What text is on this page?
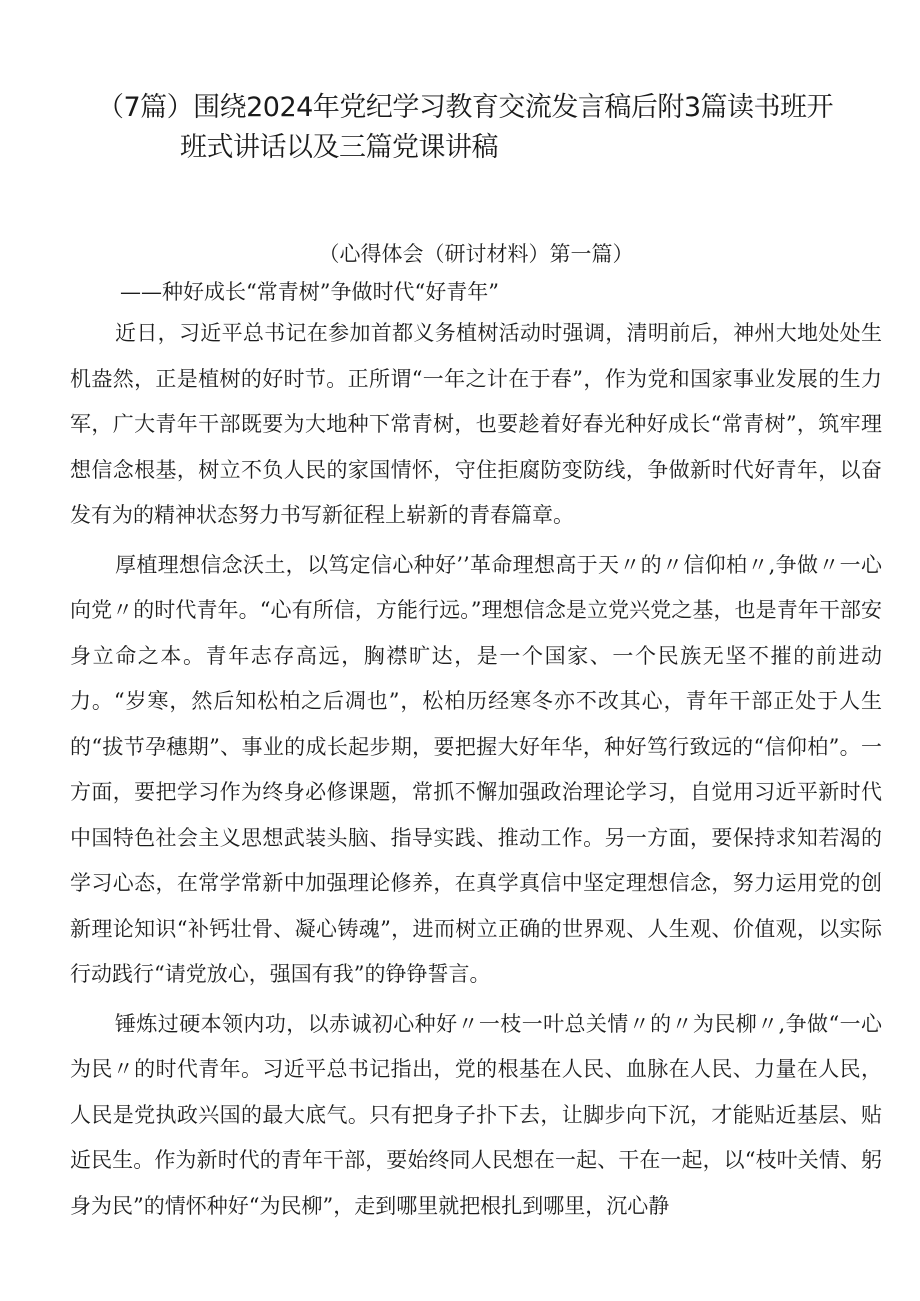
（7篇）围绕2024年党纪学习教育交流发言稿后附3篇读书班开
班式讲话以及三篇党课讲稿

（心得体会（研讨材料）第一篇）

——种好成长“常青树”争做时代“好青年”

近日，习近平总书记在参加首都义务植树活动时强调，清明前后，神州大地处处生机盎然，正是植树的好时节。正所谓“一年之计在于春”，作为党和国家事业发展的生力军，广大青年干部既要为大地种下常青树，也要趁着好春光种好成长“常青树”，筑牢理想信念根基，树立不负人民的家国情怀，守住拒腐防变防线，争做新时代好青年，以奋发有为的精神状态努力书写新征程上崭新的青春篇章。

厚植理想信念沃土，以笃定信心种好’’革命理想高于天〃的〃信仰柏〃,争做〃一心向党〃的时代青年。“心有所信，方能行远。”理想信念是立党兴党之基，也是青年干部安身立命之本。青年志存高远，胸襟旷达，是一个国家、一个民族无坚不摧的前进动力。“岁寒，然后知松柏之后凋也”，松柏历经寒冬亦不改其心，青年干部正处于人生的“拔节孕穗期”、事业的成长起步期，要把握大好年华，种好笃行致远的“信仰柏”。一方面，要把学习作为终身必修课题，常抓不懈加强政治理论学习，自觉用习近平新时代中国特色社会主义思想武装头脑、指导实践、推动工作。另一方面，要保持求知若渴的学习心态，在常学常新中加强理论修养，在真学真信中坚定理想信念，努力运用党的创新理论知识“补钙壮骨、凝心铸魂”，进而树立正确的世界观、人生观、价值观，以实际行动践行“请党放心，强国有我”的铮铮誓言。

锤炼过硬本领内功，以赤诚初心种好〃一枝一叶总关情〃的〃为民柳〃,争做“一心为民〃的时代青年。习近平总书记指出，党的根基在人民、血脉在人民、力量在人民，人民是党执政兴国的最大底气。只有把身子扑下去，让脚步向下沉，才能贴近基层、贴近民生。作为新时代的青年干部，要始终同人民想在一起、干在一起，以“枝叶关情、躬身为民”的情怀种好“为民柳”，走到哪里就把根扎到哪里，沉心静
